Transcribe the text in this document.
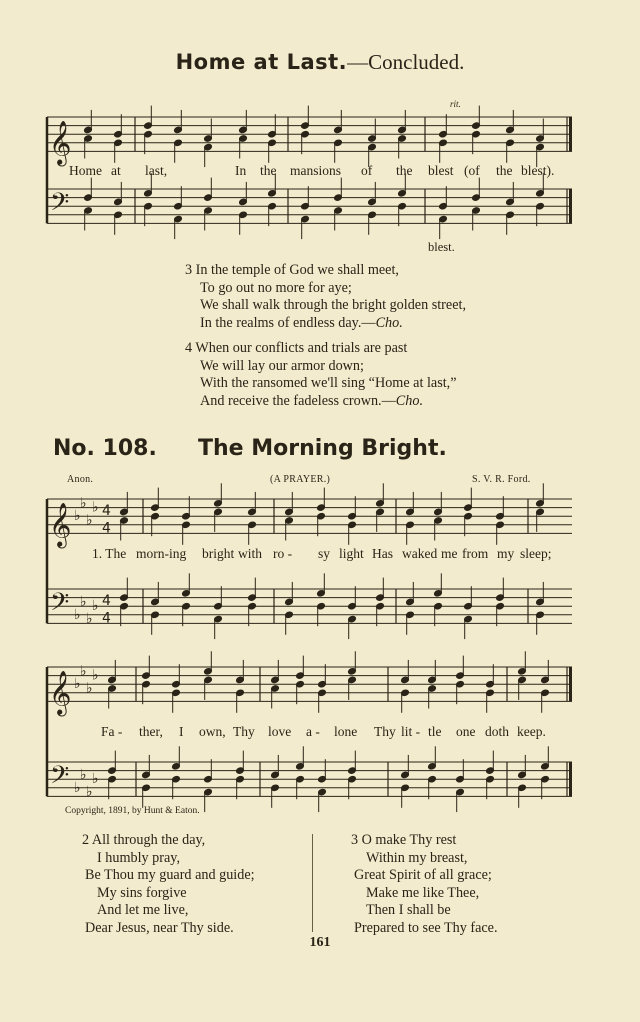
Home at Last.—Concluded.
rit.
𝄞
𝄢
Home at last,	In the mansions of the blest (of the blest).
blest.
3 In the temple of God we shall meet,
To go out no more for aye;
We shall walk through the bright golden street,
In the realms of endless day.—Cho.
4 When our conflicts and trials are past
We will lay our armor down;
With the ransomed we'll sing “Home at last,”
And receive the fadeless crown.—Cho.
No. 108. The Morning Bright.
Anon.	(A PRAYER.)	S. V. R. Ford.
𝄞
𝄢
♭
♭
♭
♭
♭
♭
♭
♭
4
4
4
4
𝄞
𝄢
♭
♭
♭
♭
♭
♭
♭
♭
1. The morn-ing bright with ro - sy light Has waked me from my sleep;
Fa - ther, I own, Thy love a - lone Thy lit - tle one doth keep.
Copyright, 1891, by Hunt & Eaton.
2 All through the day,
I humbly pray,
Be Thou my guard and guide;
My sins forgive
And let me live,
Dear Jesus, near Thy side.
3 O make Thy rest
Within my breast,
Great Spirit of all grace;
Make me like Thee,
Then I shall be
Prepared to see Thy face.
161
